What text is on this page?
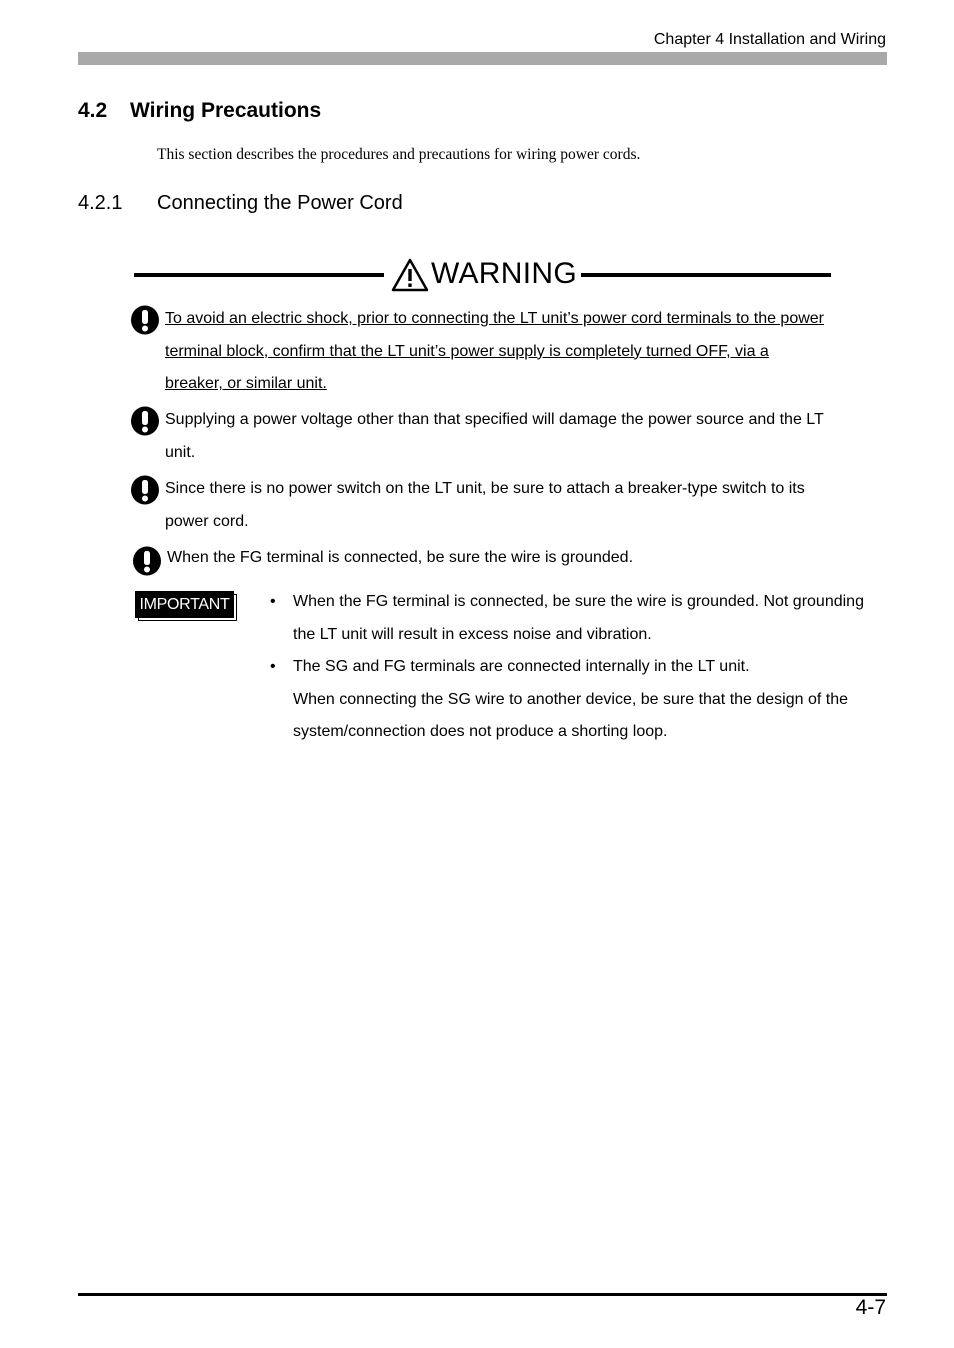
Chapter 4 Installation and Wiring
4.2 Wiring Precautions
This section describes the procedures and precautions for wiring power cords.
4.2.1 Connecting the Power Cord
WARNING
To avoid an electric shock, prior to connecting the LT unit’s power cord terminals to the power terminal block, confirm that the LT unit’s power supply is completely turned OFF, via a breaker, or similar unit.
Supplying a power voltage other than that specified will damage the power source and the LT unit.
Since there is no power switch on the LT unit, be sure to attach a breaker-type switch to its power cord.
When the FG terminal is connected, be sure the wire is grounded.
IMPORTANT	• When the FG terminal is connected, be sure the wire is grounded. Not grounding the LT unit will result in excess noise and vibration.
• The SG and FG terminals are connected internally in the LT unit.
When connecting the SG wire to another device, be sure that the design of the system/connection does not produce a shorting loop.
4-7
